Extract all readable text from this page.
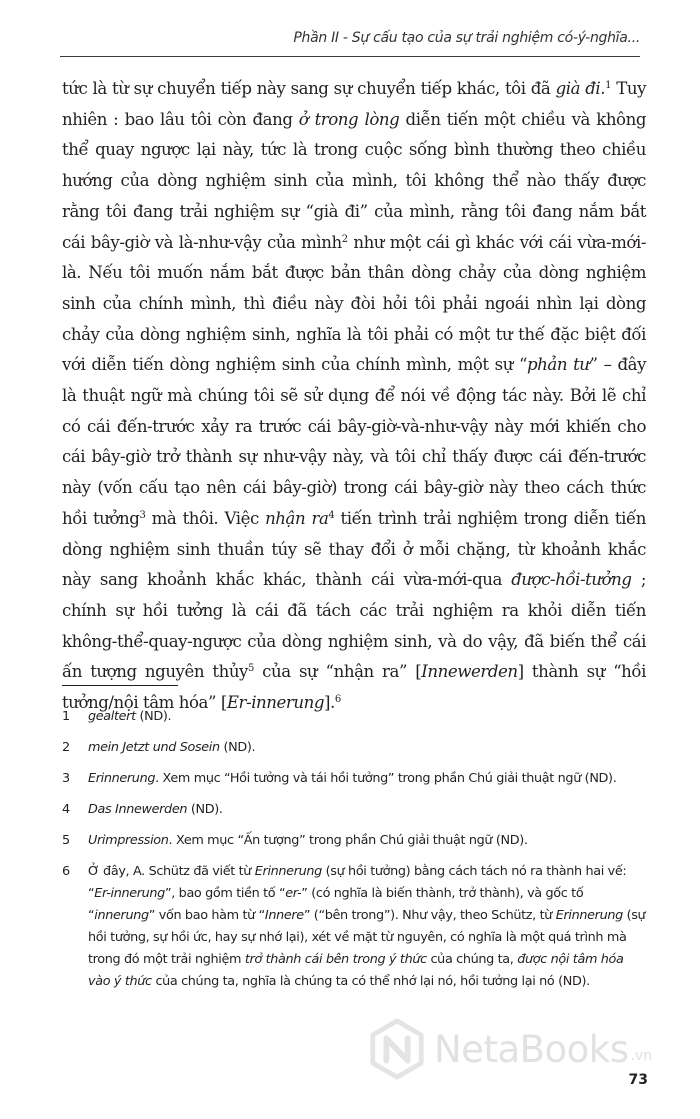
Phần II - Sự cấu tạo của sự trải nghiệm có-ý-nghĩa...

tức là từ sự chuyển tiếp này sang sự chuyển tiếp khác, tôi đã già đi.$^1$ Tuy nhiên : bao lâu tôi còn đang ở trong lòng diễn tiến một chiều và không thể quay ngược lại này, tức là trong cuộc sống bình thường theo chiều hướng của dòng nghiệm sinh của mình, tôi không thể nào thấy được rằng tôi đang trải nghiệm sự “già đi” của mình, rằng tôi đang nắm bắt cái bây-giờ và là-như-vậy của mình$^2$ như một cái gì khác với cái vừa-mới-là. Nếu tôi muốn nắm bắt được bản thân dòng chảy của dòng nghiệm sinh của chính mình, thì điều này đòi hỏi tôi phải ngoái nhìn lại dòng chảy của dòng nghiệm sinh, nghĩa là tôi phải có một tư thế đặc biệt đối với diễn tiến dòng nghiệm sinh của chính mình, một sự “phản tư” – đây là thuật ngữ mà chúng tôi sẽ sử dụng để nói về động tác này. Bởi lẽ chỉ có cái đến-trước xảy ra trước cái bây-giờ-và-như-vậy này mới khiến cho cái bây-giờ trở thành sự như-vậy này, và tôi chỉ thấy được cái đến-trước này (vốn cấu tạo nên cái bây-giờ) trong cái bây-giờ này theo cách thức hồi tưởng$^3$ mà thôi. Việc nhận $ra^4$ tiến trình trải nghiệm trong diễn tiến dòng nghiệm sinh thuần túy sẽ thay đổi ở mỗi chặng, từ khoảnh khắc này sang khoảnh khắc khác, thành cái vừa-mới-qua được-hồi-tưởng ; chính sự hồi tưởng là cái đã tách các trải nghiệm ra khỏi diễn tiến không-thể-quay-ngược của dòng nghiệm sinh, và do vậy, đã biến thể cái ấn tượng nguyên thủy$^5$ của sự “nhận ra” [Innewerden] thành sự “hồi tưởng/nội tâm hóa” [Er-innerung].$^6$

1	gealtert (ND).
2	mein Jetzt und Sosein (ND).
3	Erinnerung. Xem mục “Hồi tưởng và tái hồi tưởng” trong phần Chú giải thuật ngữ (ND).
4	Das Innewerden (ND).
5	Urimpression. Xem mục “Ấn tượng” trong phần Chú giải thuật ngữ (ND).
6	Ở đây, A. Schütz đã viết từ Erinnerung (sự hồi tưởng) bằng cách tách nó ra thành hai vế: “Er-innerung”, bao gồm tiền tố “er-” (có nghĩa là biến thành, trở thành), và gốc tố “innerung” vốn bao hàm từ “Innere” (“bên trong”). Như vậy, theo Schütz, từ Erinnerung (sự hồi tưởng, sự hồi ức, hay sự nhớ lại), xét về mặt từ nguyên, có nghĩa là một quá trình mà trong đó một trải nghiệm trở thành cái bên trong ý thức của chúng ta, được nội tâm hóa vào ý thức của chúng ta, nghĩa là chúng ta có thể nhớ lại nó, hồi tưởng lại nó (ND).
NetaBooks .vn
73
